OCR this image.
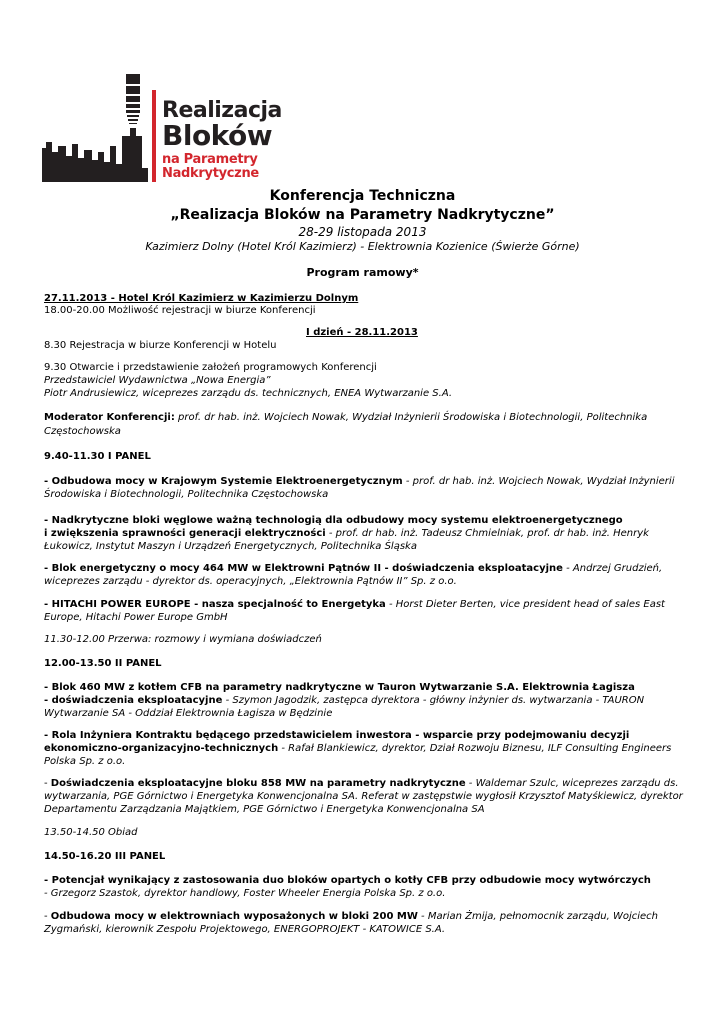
Realizacja
Bloków
na Parametry
Nadkrytyczne
Konferencja Techniczna
„Realizacja Bloków na Parametry Nadkrytyczne”
28-29 listopada 2013
Kazimierz Dolny (Hotel Król Kazimierz) - Elektrownia Kozienice (Świerże Górne)
Program ramowy*
27.11.2013 - Hotel Król Kazimierz w Kazimierzu Dolnym
18.00-20.00 Możliwość rejestracji w biurze Konferencji
I dzień - 28.11.2013
8.30 Rejestracja w biurze Konferencji w Hotelu
9.30 Otwarcie i przedstawienie założeń programowych Konferencji
Przedstawiciel Wydawnictwa „Nowa Energia”
Piotr Andrusiewicz, wiceprezes zarządu ds. technicznych, ENEA Wytwarzanie S.A.
Moderator Konferencji: prof. dr hab. inż. Wojciech Nowak, Wydział Inżynierii Środowiska i Biotechnologii, Politechnika
Częstochowska
9.40-11.30 I PANEL
- Odbudowa mocy w Krajowym Systemie Elektroenergetycznym - prof. dr hab. inż. Wojciech Nowak, Wydział Inżynierii
Środowiska i Biotechnologii, Politechnika Częstochowska
- Nadkrytyczne bloki węglowe ważną technologią dla odbudowy mocy systemu elektroenergetycznego
i zwiększenia sprawności generacji elektryczności - prof. dr hab. inż. Tadeusz Chmielniak, prof. dr hab. inż. Henryk
Łukowicz, Instytut Maszyn i Urządzeń Energetycznych, Politechnika Śląska
- Blok energetyczny o mocy 464 MW w Elektrowni Pątnów II - doświadczenia eksploatacyjne - Andrzej Grudzień,
wiceprezes zarządu - dyrektor ds. operacyjnych, „Elektrownia Pątnów II” Sp. z o.o.
- HITACHI POWER EUROPE - nasza specjalność to Energetyka - Horst Dieter Berten, vice president head of sales East
Europe, Hitachi Power Europe GmbH
11.30-12.00 Przerwa: rozmowy i wymiana doświadczeń
12.00-13.50 II PANEL
- Blok 460 MW z kotłem CFB na parametry nadkrytyczne w Tauron Wytwarzanie S.A. Elektrownia Łagisza
- doświadczenia eksploatacyjne - Szymon Jagodzik, zastępca dyrektora - główny inżynier ds. wytwarzania - TAURON
Wytwarzanie SA - Oddział Elektrownia Łagisza w Będzinie
- Rola Inżyniera Kontraktu będącego przedstawicielem inwestora - wsparcie przy podejmowaniu decyzji
ekonomiczno-organizacyjno-technicznych - Rafał Blankiewicz, dyrektor, Dział Rozwoju Biznesu, ILF Consulting Engineers
Polska Sp. z o.o.
- Doświadczenia eksploatacyjne bloku 858 MW na parametry nadkrytyczne - Waldemar Szulc, wiceprezes zarządu ds.
wytwarzania, PGE Górnictwo i Energetyka Konwencjonalna SA. Referat w zastępstwie wygłosił Krzysztof Matyśkiewicz, dyrektor
Departamentu Zarządzania Majątkiem, PGE Górnictwo i Energetyka Konwencjonalna SA
13.50-14.50 Obiad
14.50-16.20 III PANEL
- Potencjał wynikający z zastosowania duo bloków opartych o kotły CFB przy odbudowie mocy wytwórczych
- Grzegorz Szastok, dyrektor handlowy, Foster Wheeler Energia Polska Sp. z o.o.
- Odbudowa mocy w elektrowniach wyposażonych w bloki 200 MW - Marian Żmija, pełnomocnik zarządu, Wojciech
Zygmański, kierownik Zespołu Projektowego, ENERGOPROJEKT - KATOWICE S.A.
